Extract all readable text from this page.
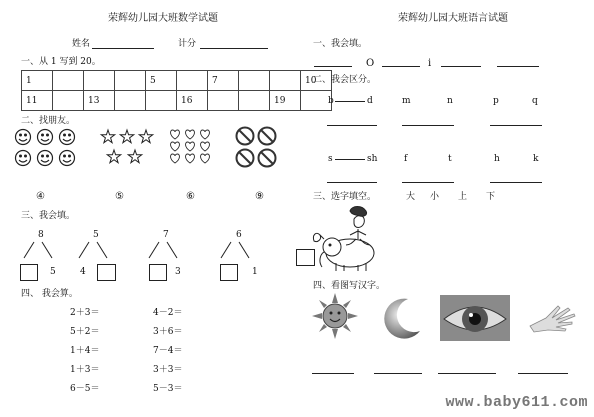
荣辉幼儿园大班数学试题
姓名	计分
一、从 1 写到 20。
1				5		7			10
11		13			16			19	
二、找朋友。
④	⑤	⑥	⑨
三、我会填。
8
5
5
4
7
3
6
1
四、 我会算。
2＋3＝
5＋2＝
1＋4＝
1＋3＝
6－5＝
4－2＝
3＋6＝
7－4＝
3＋3＝
5－3＝
荣辉幼儿园大班语言试题
一、我会填。
O	i
二、我会区分。
b	d	m	n	p	q
s	sh	f	t	h	k
三、选字填空。	大 小 上 下
四、看图写汉字。
www.baby611.com
